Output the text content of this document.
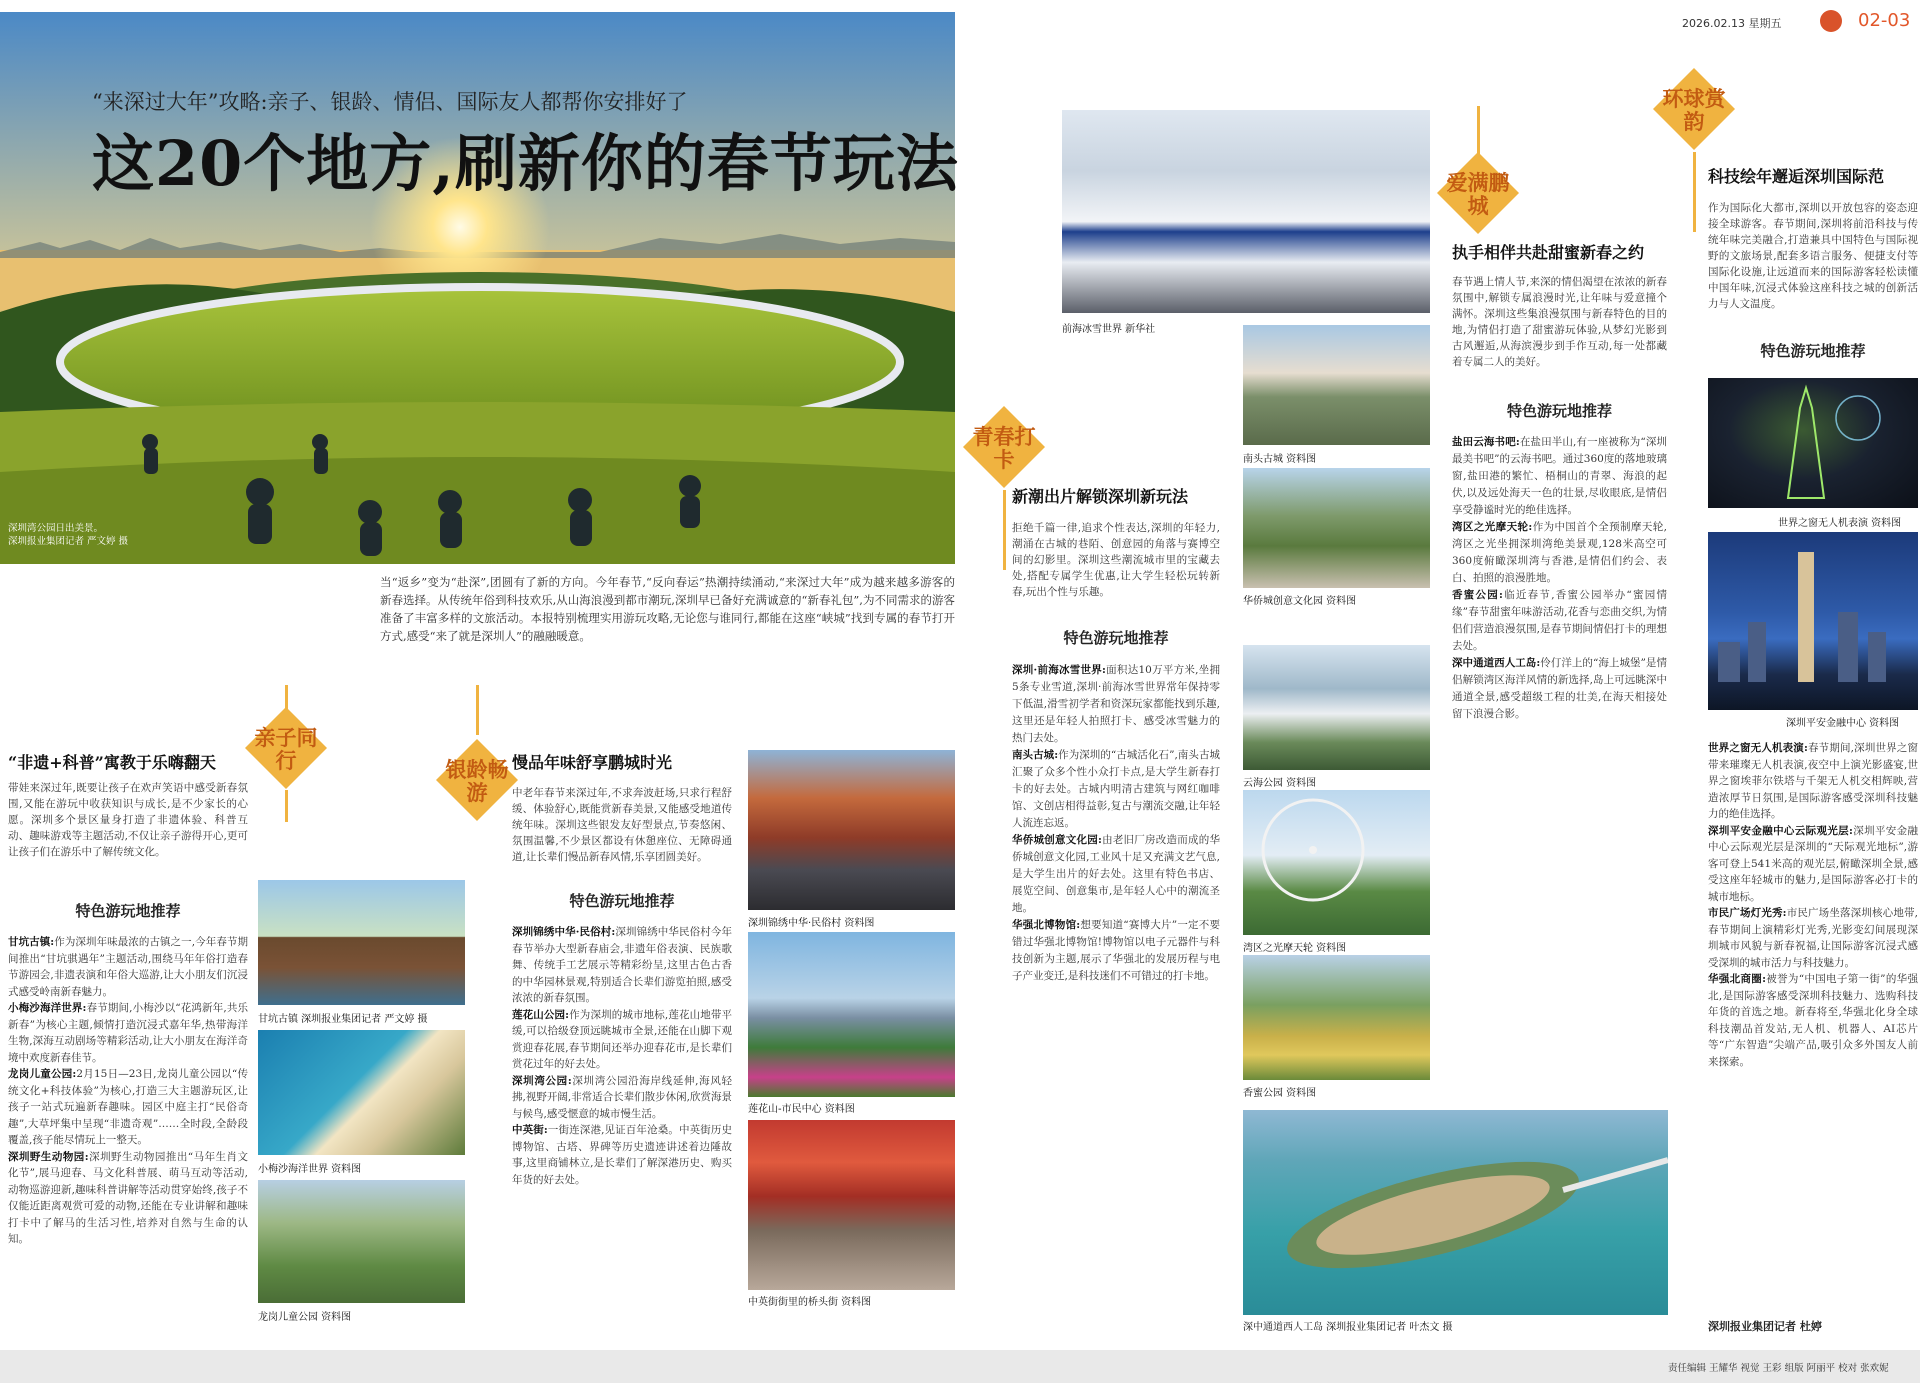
2026.02.13 星期五	02-03
“来深过大年”攻略:亲子、银龄、情侣、国际友人都帮你安排好了
这20个地方,刷新你的春节玩法
深圳湾公园日出美景。
深圳报业集团记者 严文婷 摄
当“返乡”变为“赴深”,团圆有了新的方向。今年春节,“反向春运”热潮持续涌动,“来深过大年”成为越来越多游客的新春选择。从传统年俗到科技欢乐,从山海浪漫到都市潮玩,深圳早已备好充满诚意的“新春礼包”,为不同需求的游客准备了丰富多样的文旅活动。本报特别梳理实用游玩攻略,无论您与谁同行,都能在这座“峡城”找到专属的春节打开方式,感受“来了就是深圳人”的融融暖意。
亲子同行
“非遗+科普”寓教于乐嗨翻天
带娃来深过年,既要让孩子在欢声笑语中感受新春氛围,又能在游玩中收获知识与成长,是不少家长的心愿。深圳多个景区量身打造了非遗体验、科普互动、趣味游戏等主题活动,不仅让亲子游得开心,更可让孩子们在游乐中了解传统文化。
特色游玩地推荐

甘坑古镇:作为深圳年味最浓的古镇之一,今年春节期间推出“甘坑骐遇年”主题活动,围绕马年年俗打造春节游园会,非遗表演和年俗大巡游,让大小朋友们沉浸式感受岭南新春魅力。

小梅沙海洋世界:春节期间,小梅沙以“花鸿新年,共乐新春”为核心主题,倾情打造沉浸式嘉年华,热带海洋生物,深海互动剧场等精彩活动,让大小朋友在海洋奇境中欢度新春佳节。

龙岗儿童公园:2月15日—23日,龙岗儿童公园以“传统文化+科技体验”为核心,打造三大主题游玩区,让孩子一站式玩遍新春趣味。园区中庭主打“民俗奇趣”,大草坪集中呈现“非遗奇观”……全时段,全龄段覆盖,孩子能尽情玩上一整天。

深圳野生动物园:深圳野生动物园推出“马年生肖文化节”,展马迎春、马文化科普展、萌马互动等活动,动物巡游迎新,趣味科普讲解等活动贯穿始终,孩子不仅能近距离观赏可爱的动物,还能在专业讲解和趣味打卡中了解马的生活习性,培养对自然与生命的认知。

甘坑古镇 深圳报业集团记者 严文婷 摄
小梅沙海洋世界 资料图
龙岗儿童公园 资料图
银龄畅游
慢品年味舒享鹏城时光
中老年春节来深过年,不求奔波赶场,只求行程舒缓、体验舒心,既能赏新春美景,又能感受地道传统年味。深圳这些银发友好型景点,节奏悠闲、氛围温馨,不少景区都设有休憩座位、无障碍通道,让长辈们慢品新春风情,乐享团圆美好。
特色游玩地推荐

深圳锦绣中华·民俗村:深圳锦绣中华民俗村今年春节举办大型新春庙会,非遗年俗表演、民族歌舞、传统手工艺展示等精彩纷呈,这里古色古香的中华园林景观,特别适合长辈们游览拍照,感受浓浓的新春氛围。

莲花山公园:作为深圳的城市地标,莲花山地带平缓,可以拾级登顶远眺城市全景,还能在山脚下观赏迎春花展,春节期间还举办迎春花市,是长辈们赏花过年的好去处。

深圳湾公园:深圳湾公园沿海岸线延伸,海风轻拂,视野开阔,非常适合长辈们散步休闲,欣赏海景与候鸟,感受惬意的城市慢生活。

中英街:一街连深港,见证百年沧桑。中英街历史博物馆、古塔、界碑等历史遗迹讲述着边陲故事,这里商铺林立,是长辈们了解深港历史、购买年货的好去处。

深圳锦绣中华·民俗村 资料图
莲花山-市民中心 资料图
中英街街里的桥头街 资料图
青春打卡
新潮出片解锁深圳新玩法
拒绝千篇一律,追求个性表达,深圳的年轻力,潮涌在古城的巷陌、创意园的角落与赛博空间的幻影里。深圳这些潮流城市里的宝藏去处,搭配专属学生优惠,让大学生轻松玩转新春,玩出个性与乐趣。
特色游玩地推荐

深圳·前海冰雪世界:面积达10万平方米,坐拥5条专业雪道,深圳·前海冰雪世界常年保持零下低温,滑雪初学者和资深玩家都能找到乐趣,这里还是年轻人拍照打卡、感受冰雪魅力的热门去处。

南头古城:作为深圳的“古城活化石”,南头古城汇聚了众多个性小众打卡点,是大学生新春打卡的好去处。古城内明清古建筑与网红咖啡馆、文创店相得益彰,复古与潮流交融,让年轻人流连忘返。

华侨城创意文化园:由老旧厂房改造而成的华侨城创意文化园,工业风十足又充满文艺气息,是大学生出片的好去处。这里有特色书店、展览空间、创意集市,是年轻人心中的潮流圣地。

华强北博物馆:想要知道“赛博大片”一定不要错过华强北博物馆!博物馆以电子元器件与科技创新为主题,展示了华强北的发展历程与电子产业变迁,是科技迷们不可错过的打卡地。

前海冰雪世界 新华社
南头古城 资料图
华侨城创意文化园 资料图
爱满鹏城
执手相伴共赴甜蜜新春之约
春节遇上情人节,来深的情侣渴望在浓浓的新春氛围中,解锁专属浪漫时光,让年味与爱意撞个满怀。深圳这些集浪漫氛围与新春特色的目的地,为情侣打造了甜蜜游玩体验,从梦幻光影到古风邂逅,从海滨漫步到手作互动,每一处都藏着专属二人的美好。
特色游玩地推荐

盐田云海书吧:在盐田半山,有一座被称为“深圳最美书吧”的云海书吧。通过360度的落地玻璃窗,盐田港的繁忙、梧桐山的青翠、海浪的起伏,以及远处海天一色的壮景,尽收眼底,是情侣享受静谧时光的绝佳选择。

湾区之光摩天轮:作为中国首个全预制摩天轮,湾区之光坐拥深圳湾绝美景观,128米高空可360度俯瞰深圳湾与香港,是情侣们约会、表白、拍照的浪漫胜地。

香蜜公园:临近春节,香蜜公园举办“蜜园情缘”春节甜蜜年味游活动,花香与恋曲交织,为情侣们营造浪漫氛围,是春节期间情侣打卡的理想去处。

深中通道西人工岛:伶仃洋上的“海上城堡”是情侣解锁湾区海洋风情的新选择,岛上可远眺深中通道全景,感受超级工程的壮美,在海天相接处留下浪漫合影。

云海公园 资料图
湾区之光摩天轮 资料图
香蜜公园 资料图
深中通道西人工岛 深圳报业集团记者 叶杰文 摄
环球赏韵
科技绘年邂逅深圳国际范
作为国际化大都市,深圳以开放包容的姿态迎接全球游客。春节期间,深圳将前沿科技与传统年味完美融合,打造兼具中国特色与国际视野的文旅场景,配套多语言服务、便捷支付等国际化设施,让远道而来的国际游客轻松读懂中国年味,沉浸式体验这座科技之城的创新活力与人文温度。
特色游玩地推荐
世界之窗无人机表演 资料图
深圳平安金融中心 资料图

世界之窗无人机表演:春节期间,深圳世界之窗带来璀璨无人机表演,夜空中上演光影盛宴,世界之窗埃菲尔铁塔与千架无人机交相辉映,营造浓厚节日氛围,是国际游客感受深圳科技魅力的绝佳选择。

深圳平安金融中心云际观光层:深圳平安金融中心云际观光层是深圳的“天际观光地标”,游客可登上541米高的观光层,俯瞰深圳全景,感受这座年轻城市的魅力,是国际游客必打卡的城市地标。

市民广场灯光秀:市民广场坐落深圳核心地带,春节期间上演精彩灯光秀,光影变幻间展现深圳城市风貌与新春祝福,让国际游客沉浸式感受深圳的城市活力与科技魅力。

华强北商圈:被誉为“中国电子第一街”的华强北,是国际游客感受深圳科技魅力、选购科技年货的首选之地。新春将至,华强北化身全球科技潮品首发站,无人机、机器人、AI芯片等“广东智造”尖端产品,吸引众多外国友人前来探索。

深圳报业集团记者 杜婷
责任编辑 王耀华 视觉 王彩 组版 阿丽平 校对 张欢妮
